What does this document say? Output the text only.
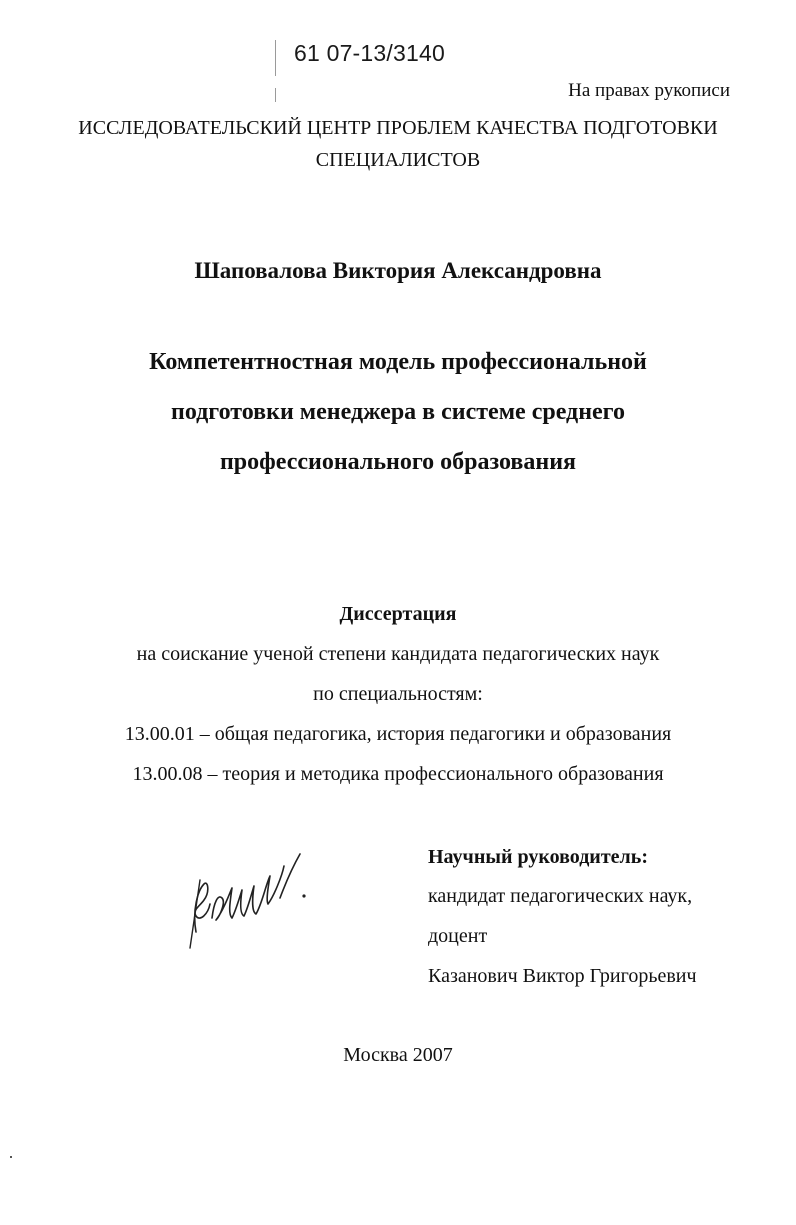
61 07-13/3140
На правах рукописи
ИССЛЕДОВАТЕЛЬСКИЙ ЦЕНТР ПРОБЛЕМ КАЧЕСТВА ПОДГОТОВКИ
СПЕЦИАЛИСТОВ
Шаповалова Виктория Александровна
Компетентностная модель профессиональной
подготовки менеджера в системе среднего
профессионального образования
Диссертация
на соискание ученой степени кандидата педагогических наук
по специальностям:
13.00.01 – общая педагогика, история педагогики и образования
13.00.08 – теория и методика профессионального образования
Научный руководитель:
кандидат педагогических наук,
доцент
Казанович Виктор Григорьевич
Москва 2007
